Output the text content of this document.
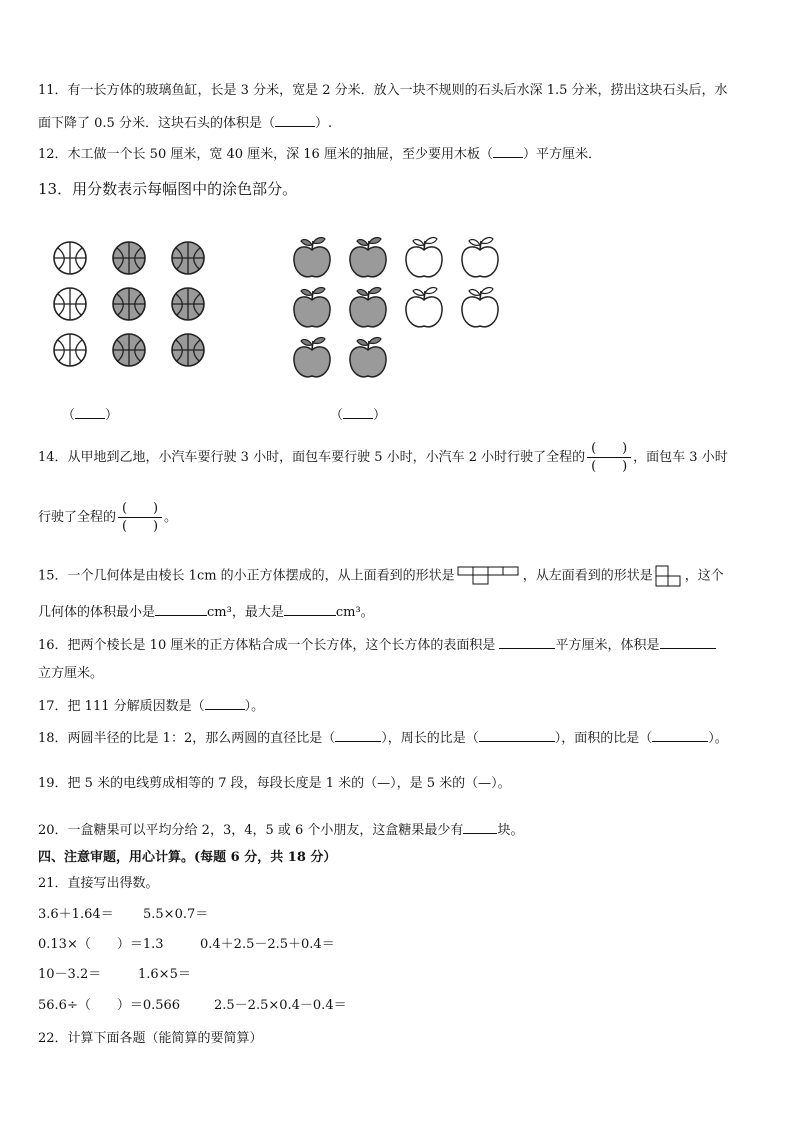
11．有一长方体的玻璃鱼缸，长是 3 分米，宽是 2 分米．放入一块不规则的石头后水深 1.5 分米，捞出这块石头后，水
面下降了 0.5 分米．这块石头的体积是（	）.
12．木工做一个长 50 厘米，宽 40 厘米，深 16 厘米的抽屉，至少要用木板（ ）平方厘米．
13．用分数表示每幅图中的涂色部分。
（ ）	（ ）
14．从甲地到乙地，小汽车要行驶 3 小时，面包车要行驶 5 小时，小汽车 2 小时行驶了全程的 $\frac{( )}{( )}$ ，面包车 3 小时
行驶了全程的 $\frac{( )}{( )}$ 。
15．一个几何体是由棱长 1cm 的小正方体摆成的，从上面看到的形状是	，从左面看到的形状是 ，这个
几何体的体积最小是	cm³，最大是	cm³。
16．把两个棱长是 10 厘米的正方体粘合成一个长方体，这个长方体的表面积是	平方厘米，体积是
立方厘米。
17．把 111 分解质因数是（	）。
18．两圆半径的比是 1：2，那么两圆的直径比是（	），周长的比是（	），面积的比是（	）。
19．把 5 米的电线剪成相等的 7 段，每段长度是 1 米的（—），是 5 米的（—）。
20．一盒糖果可以平均分给 2，3，4，5 或 6 个小朋友，这盒糖果最少有	块。
四、注意审题，用心计算。(每题 6 分，共 18 分）
21．直接写出得数。
3.6＋1.64＝ 5.5×0.7＝
0.13×（　　）＝1.3	0.4＋2.5－2.5＋0.4＝
10－3.2＝	1.6×5＝
56.6÷（　　）＝0.566	2.5－2.5×0.4－0.4＝
22．计算下面各题（能简算的要简算）
